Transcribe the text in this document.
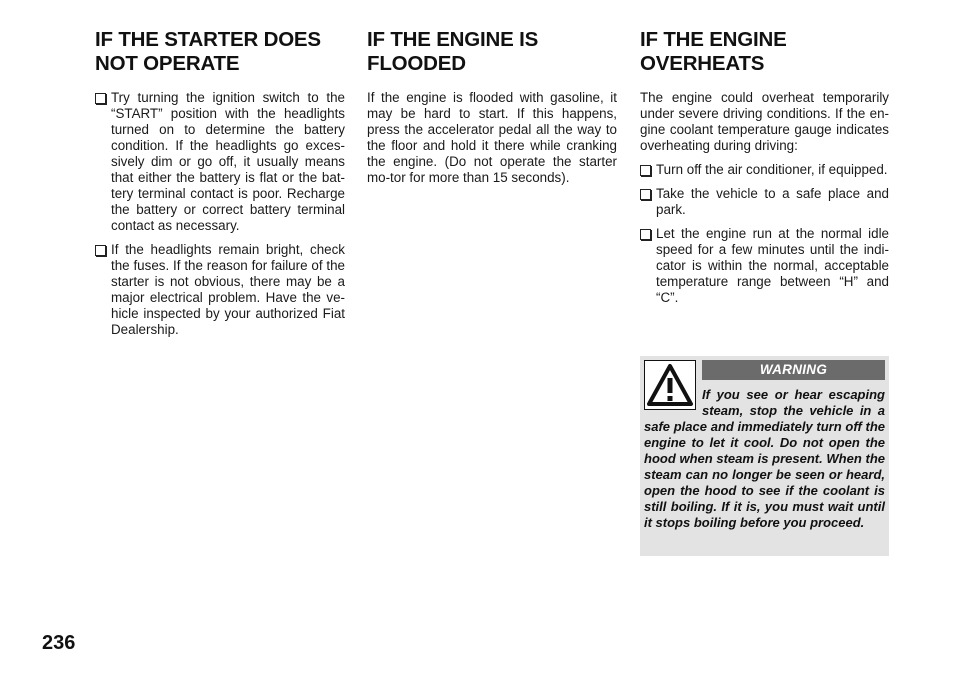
IF THE STARTER DOES NOT OPERATE
Try turning the ignition switch to the “START” position with the headlights turned on to determine the battery condition. If the headlights go exces-sively dim or go off, it usually means that either the battery is flat or the bat-tery terminal contact is poor. Recharge the battery or correct battery terminal contact as necessary.
If the headlights remain bright, check the fuses. If the reason for failure of the starter is not obvious, there may be a major electrical problem. Have the ve-hicle inspected by your authorized Fiat Dealership.
IF THE ENGINE IS FLOODED

If the engine is flooded with gasoline, it may be hard to start. If this happens, press the accelerator pedal all the way to the floor and hold it there while cranking the engine. (Do not operate the starter mo-tor for more than 15 seconds).

IF THE ENGINE OVERHEATS

The engine could overheat temporarily under severe driving conditions. If the en-gine coolant temperature gauge indicates overheating during driving:

Turn off the air conditioner, if equipped.
Take the vehicle to a safe place and park.
Let the engine run at the normal idle speed for a few minutes until the indi-cator is within the normal, acceptable temperature range between “H” and “C”.
WARNING
If you see or hear escaping steam, stop the vehicle in a safe place and immediately turn off the engine to let it cool. Do not open the hood when steam is present. When the steam can no longer be seen or heard, open the hood to see if the coolant is still boiling. If it is, you must wait until it stops boiling before you proceed.
236
